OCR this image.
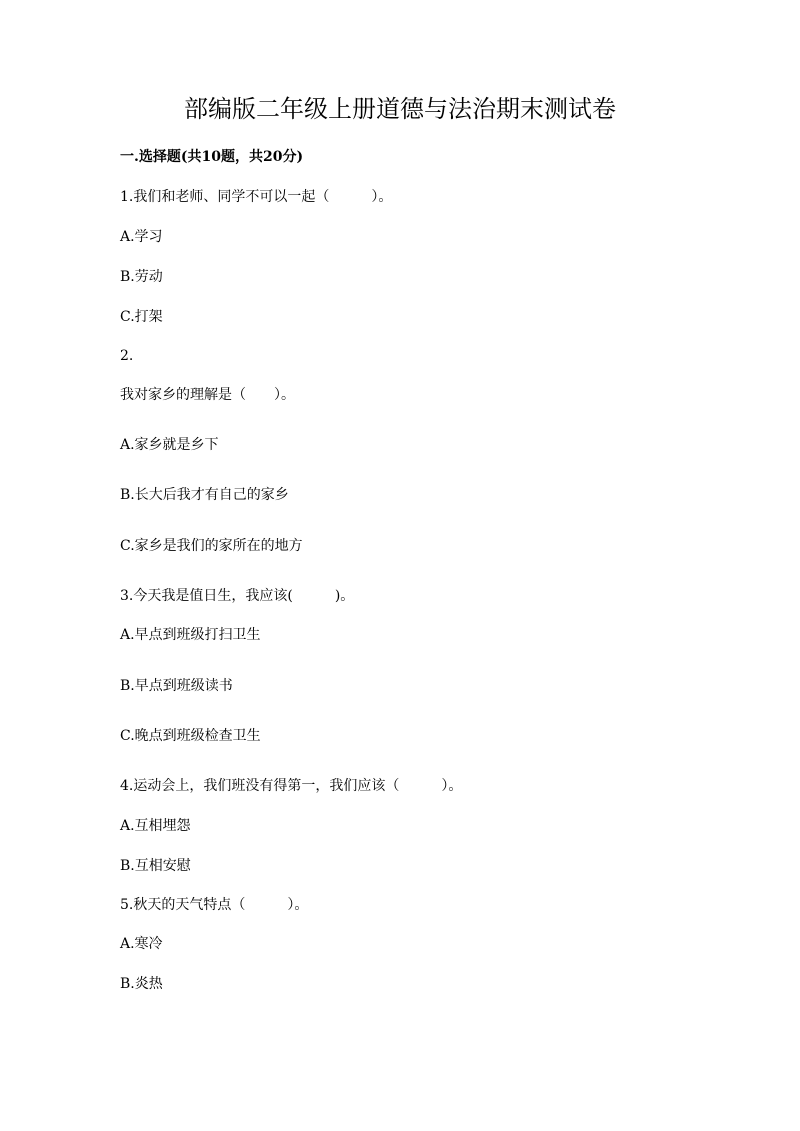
部编版二年级上册道德与法治期末测试卷
一.选择题(共10题，共20分)
1.我们和老师、同学不可以一起（　　　）。
A.学习
B.劳动
C.打架
2.
我对家乡的理解是（　　）。
A.家乡就是乡下
B.长大后我才有自己的家乡
C.家乡是我们的家所在的地方
3.今天我是值日生，我应该(　　　)。
A.早点到班级打扫卫生
B.早点到班级读书
C.晚点到班级检查卫生
4.运动会上，我们班没有得第一，我们应该（　　　）。
A.互相埋怨
B.互相安慰
5.秋天的天气特点（　　　）。
A.寒冷
B.炎热
